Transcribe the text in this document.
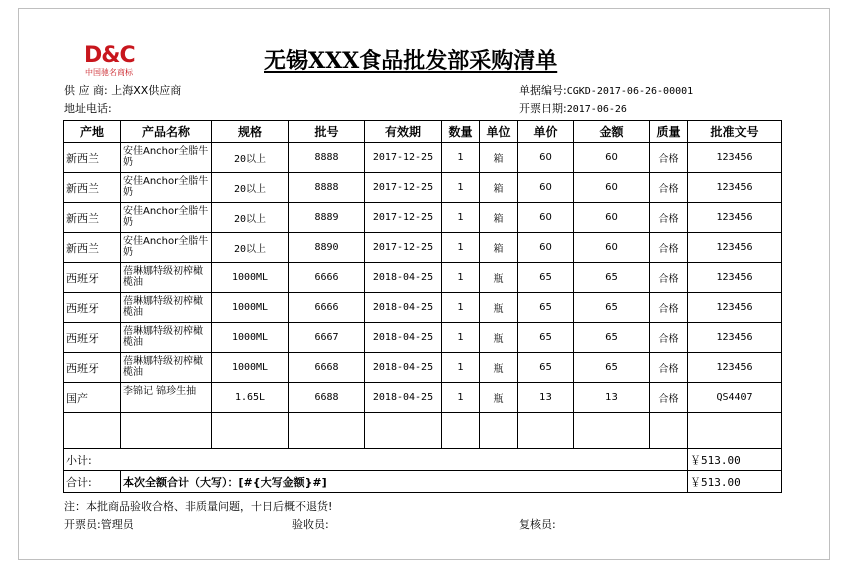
D&C
中国驰名商标	无锡XXX食品批发部采购清单
供 应 商: 上海XX供应商
地址电话:
单据编号:CGKD-2017-06-26-00001
开票日期:2017-06-26
产地	产品名称	规格	批号	有效期	数量	单位	单价	金额	质量	批准文号
新西兰	安佳Anchor全脂牛奶	20以上	8888	2017-12-25	1	箱	60	60	合格	123456
新西兰	安佳Anchor全脂牛奶	20以上	8888	2017-12-25	1	箱	60	60	合格	123456
新西兰	安佳Anchor全脂牛奶	20以上	8889	2017-12-25	1	箱	60	60	合格	123456
新西兰	安佳Anchor全脂牛奶	20以上	8890	2017-12-25	1	箱	60	60	合格	123456
西班牙	蓓琳娜特级初榨橄榄油	1000ML	6666	2018-04-25	1	瓶	65	65	合格	123456
西班牙	蓓琳娜特级初榨橄榄油	1000ML	6666	2018-04-25	1	瓶	65	65	合格	123456
西班牙	蓓琳娜特级初榨橄榄油	1000ML	6667	2018-04-25	1	瓶	65	65	合格	123456
西班牙	蓓琳娜特级初榨橄榄油	1000ML	6668	2018-04-25	1	瓶	65	65	合格	123456
国产	李锦记 锦珍生抽	1.65L	6688	2018-04-25	1	瓶	13	13	合格	QS4407

小计:										￥513.00
合计:	本次全额合计（大写）：[#{大写金额}#]									￥513.00
注：本批商品验收合格、非质量问题，十日后概不退货!
开票员:管理员	验收员:	复核员:
